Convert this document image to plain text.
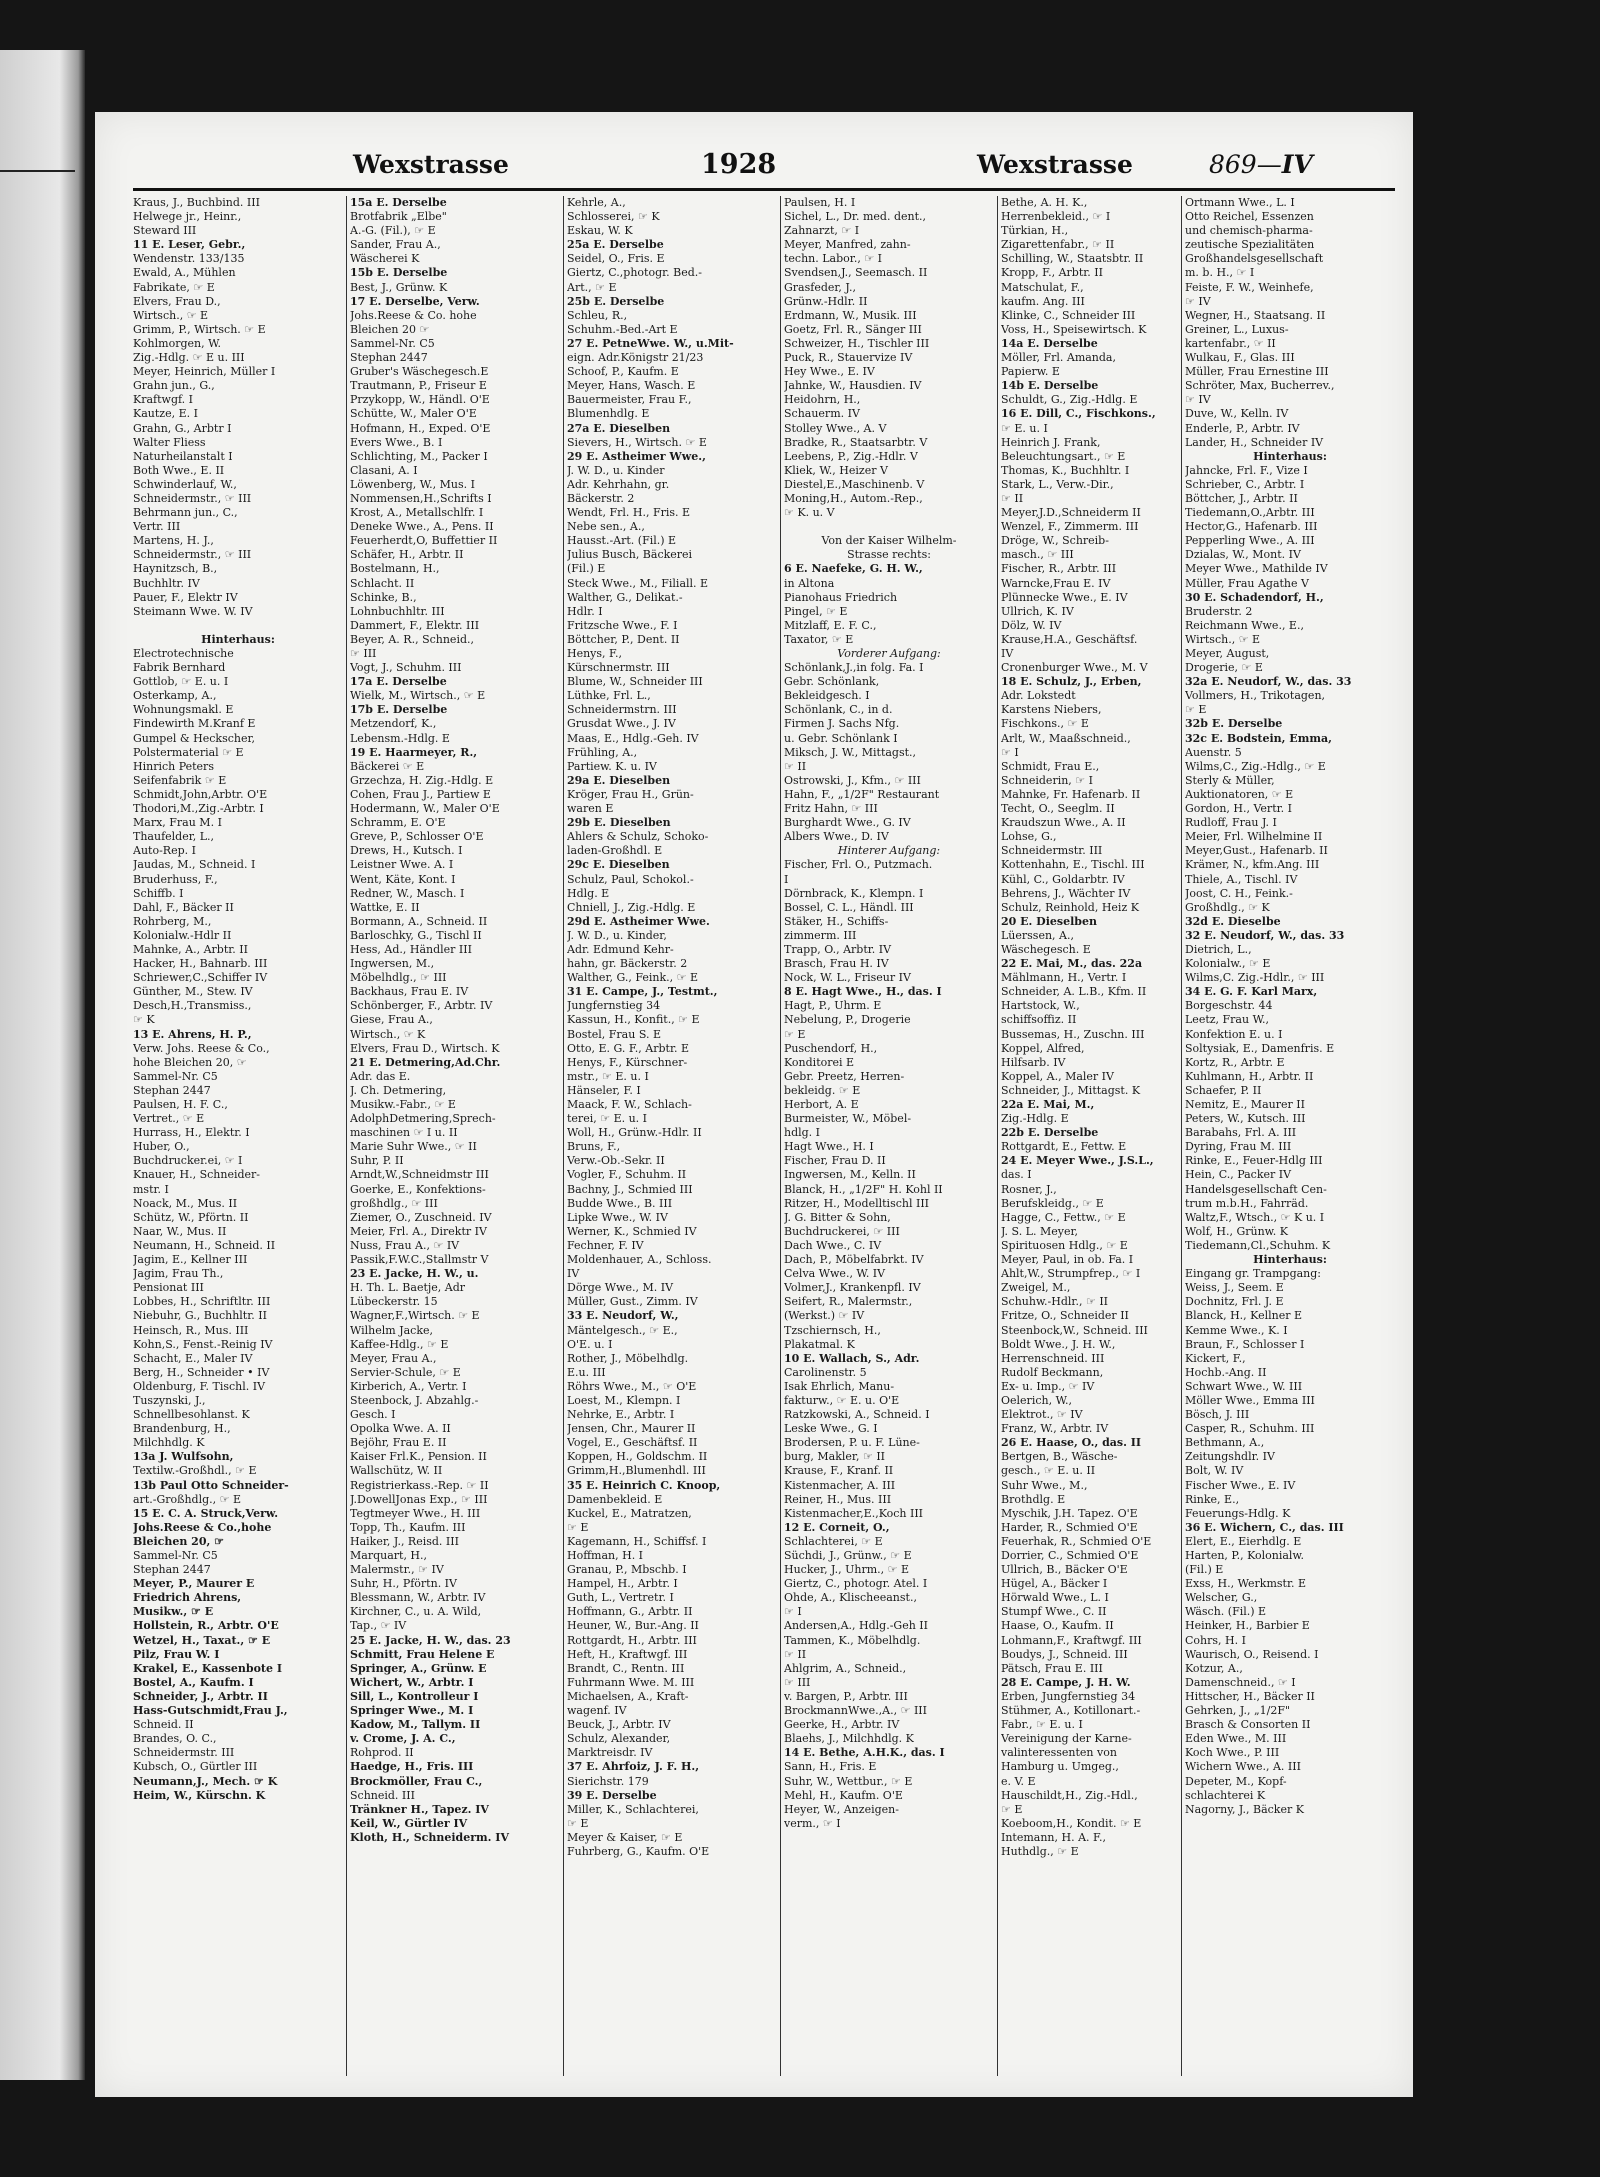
Wexstrasse	1928	Wexstrasse	869—IV
Kraus, J., Buchbind. III
Helwege jr., Heinr.,
Steward III
11 E. Leser, Gebr.,
Wendenstr. 133/135
Ewald, A., Mühlen
Fabrikate, ☞ E
Elvers, Frau D.,
Wirtsch., ☞ E
Grimm, P., Wirtsch. ☞ E
Kohlmorgen, W.
Zig.-Hdlg. ☞ E u. III
Meyer, Heinrich, Müller I
Grahn jun., G.,
Kraftwgf. I
Kautze, E. I
Grahn, G., Arbtr I
Walter Fliess
Naturheilanstalt I
Both Wwe., E. II
Schwinderlauf, W.,
Schneidermstr., ☞ III
Behrmann jun., C.,
Vertr. III
Martens, H. J.,
Schneidermstr., ☞ III
Haynitzsch, B.,
Buchhltr. IV
Pauer, F., Elektr IV
Steimann Wwe. W. IV

Hinterhaus:
Electrotechnische
Fabrik Bernhard
Gottlob, ☞ E. u. I
Osterkamp, A.,
Wohnungsmakl. E
Findewirth M.Kranf E
Gumpel & Heckscher,
Polstermaterial ☞ E
Hinrich Peters
Seifenfabrik ☞ E
Schmidt,John,Arbtr. O'E
Thodori,M.,Zig.-Arbtr. I
Marx, Frau M. I
Thaufelder, L.,
Auto-Rep. I
Jaudas, M., Schneid. I
Bruderhuss, F.,
Schiffb. I
Dahl, F., Bäcker II
Rohrberg, M.,
Kolonialw.-Hdlr II
Mahnke, A., Arbtr. II
Hacker, H., Bahnarb. III
Schriewer,C.,Schiffer IV
Günther, M., Stew. IV
Desch,H.,Transmiss.,
☞ K
13 E. Ahrens, H. P.,
Verw. Johs. Reese & Co.,
hohe Bleichen 20, ☞
Sammel-Nr. C5
Stephan 2447
Paulsen, H. F. C.,
Vertret., ☞ E
Hurrass, H., Elektr. I
Huber, O.,
Buchdrucker.ei, ☞ I
Knauer, H., Schneider-
mstr. I
Noack, M., Mus. II
Schütz, W., Pförtn. II
Naar, W., Mus. II
Neumann, H., Schneid. II
Jagim, E., Kellner III
Jagim, Frau Th.,
Pensionat III
Lobbes, H., Schriftltr. III
Niebuhr, G., Buchhltr. II
Heinsch, R., Mus. III
Kohn,S., Fenst.-Reinig IV
Schacht, E., Maler IV
Berg, H., Schneider • IV
Oldenburg, F. Tischl. IV
Tuszynski, J.,
Schnellbesohlanst. K
Brandenburg, H.,
Milchhdlg. K
13a J. Wulfsohn,
Textilw.-Großhdl., ☞ E
13b Paul Otto Schneider-
art.-Großhdlg., ☞ E
15 E. C. A. Struck,Verw.
Johs.Reese & Co.,hohe
Bleichen 20, ☞
Sammel-Nr. C5
Stephan 2447
Meyer, P., Maurer E
Friedrich Ahrens,
Musikw., ☞ E
Hollstein, R., Arbtr. O'E
Wetzel, H., Taxat., ☞ E
Pilz, Frau W. I
Krakel, E., Kassenbote I
Bostel, A., Kaufm. I
Schneider, J., Arbtr. II
Hass-Gutschmidt,Frau J.,
Schneid. II
Brandes, O. C.,
Schneidermstr. III
Kubsch, O., Gürtler III
Neumann,J., Mech. ☞ K
Heim, W., Kürschn. K
15a E. Derselbe
Brotfabrik „Elbe"
A.-G. (Fil.), ☞ E
Sander, Frau A.,
Wäscherei K
15b E. Derselbe
Best, J., Grünw. K
17 E. Derselbe, Verw.
Johs.Reese & Co. hohe
Bleichen 20 ☞
Sammel-Nr. C5
Stephan 2447
Gruber's Wäschegesch.E
Trautmann, P., Friseur E
Przykopp, W., Händl. O'E
Schütte, W., Maler O'E
Hofmann, H., Exped. O'E
Evers Wwe., B. I
Schlichting, M., Packer I
Clasani, A. I
Löwenberg, W., Mus. I
Nommensen,H.,Schrifts I
Krost, A., Metallschlfr. I
Deneke Wwe., A., Pens. II
Feuerherdt,O, Buffettier II
Schäfer, H., Arbtr. II
Bostelmann, H.,
Schlacht. II
Schinke, B.,
Lohnbuchhltr. III
Dammert, F., Elektr. III
Beyer, A. R., Schneid.,
☞ III
Vogt, J., Schuhm. III
17a E. Derselbe
Wielk, M., Wirtsch., ☞ E
17b E. Derselbe
Metzendorf, K.,
Lebensm.-Hdlg. E
19 E. Haarmeyer, R.,
Bäckerei ☞ E
Grzechza, H. Zig.-Hdlg. E
Cohen, Frau J., Partiew E
Hodermann, W., Maler O'E
Schramm, E. O'E
Greve, P., Schlosser O'E
Drews, H., Kutsch. I
Leistner Wwe. A. I
Went, Käte, Kont. I
Redner, W., Masch. I
Wattke, E. II
Bormann, A., Schneid. II
Barloschky, G., Tischl II
Hess, Ad., Händler III
Ingwersen, M.,
Möbelhdlg., ☞ III
Backhaus, Frau E. IV
Schönberger, F., Arbtr. IV
Giese, Frau A.,
Wirtsch., ☞ K
Elvers, Frau D., Wirtsch. K
21 E. Detmering,Ad.Chr.
Adr. das E.
J. Ch. Detmering,
Musikw.-Fabr., ☞ E
AdolphDetmering,Sprech-
maschinen ☞ I u. II
Marie Suhr Wwe., ☞ II
Suhr, P. II
Arndt,W.,Schneidmstr III
Goerke, E., Konfektions-
großhdlg., ☞ III
Ziemer, O., Zuschneid. IV
Meier, Frl. A., Direktr IV
Nuss, Frau A., ☞ IV
Passik,F.W.C.,Stallmstr V
23 E. Jacke, H. W., u.
H. Th. L. Baetje, Adr
Lübeckerstr. 15
Wagner,F.,Wirtsch. ☞ E
Wilhelm Jacke,
Kaffee-Hdlg., ☞ E
Meyer, Frau A.,
Servier-Schule, ☞ E
Kirberich, A., Vertr. I
Steenbock, J. Abzahlg.-
Gesch. I
Opolka Wwe. A. II
Bejöhr, Frau E. II
Kaiser Frl.K., Pension. II
Wallschütz, W. II
Registrierkass.-Rep. ☞ II
J.DowellJonas Exp., ☞ III
Tegtmeyer Wwe., H. III
Topp, Th., Kaufm. III
Haiker, J., Reisd. III
Marquart, H.,
Malermstr., ☞ IV
Suhr, H., Pförtn. IV
Blessmann, W., Arbtr. IV
Kirchner, C., u. A. Wild,
Tap., ☞ IV
25 E. Jacke, H. W., das. 23
Schmitt, Frau Helene E
Springer, A., Grünw. E
Wichert, W., Arbtr. I
Sill, L., Kontrolleur I
Springer Wwe., M. I
Kadow, M., Tallym. II
v. Crome, J. A. C.,
Rohprod. II
Haedge, H., Fris. III
Brockmöller, Frau C.,
Schneid. III
Tränkner H., Tapez. IV
Keil, W., Gürtler IV
Kloth, H., Schneiderm. IV
Kehrle, A.,
Schlosserei, ☞ K
Eskau, W. K
25a E. Derselbe
Seidel, O., Fris. E
Giertz, C.,photogr. Bed.-
Art., ☞ E
25b E. Derselbe
Schleu, R.,
Schuhm.-Bed.-Art E
27 E. PetneWwe. W., u.Mit-
eign. Adr.Königstr 21/23
Schoof, P., Kaufm. E
Meyer, Hans, Wasch. E
Bauermeister, Frau F.,
Blumenhdlg. E
27a E. Dieselben
Sievers, H., Wirtsch. ☞ E
29 E. Astheimer Wwe.,
J. W. D., u. Kinder
Adr. Kehrhahn, gr.
Bäckerstr. 2
Wendt, Frl. H., Fris. E
Nebe sen., A.,
Hausst.-Art. (Fil.) E
Julius Busch, Bäckerei
(Fil.) E
Steck Wwe., M., Filiall. E
Walther, G., Delikat.-
Hdlr. I
Fritzsche Wwe., F. I
Böttcher, P., Dent. II
Henys, F.,
Kürschnermstr. III
Blume, W., Schneider III
Lüthke, Frl. L.,
Schneidermstrn. III
Grusdat Wwe., J. IV
Maas, E., Hdlg.-Geh. IV
Frühling, A.,
Partiew. K. u. IV
29a E. Dieselben
Kröger, Frau H., Grün-
waren E
29b E. Dieselben
Ahlers & Schulz, Schoko-
laden-Großhdl. E
29c E. Dieselben
Schulz, Paul, Schokol.-
Hdlg. E
Chniell, J., Zig.-Hdlg. E
29d E. Astheimer Wwe.
J. W. D., u. Kinder,
Adr. Edmund Kehr-
hahn, gr. Bäckerstr. 2
Walther, G., Feink., ☞ E
31 E. Campe, J., Testmt.,
Jungfernstieg 34
Kassun, H., Konfit., ☞ E
Bostel, Frau S. E
Otto, E. G. F., Arbtr. E
Henys, F., Kürschner-
mstr., ☞ E. u. I
Hänseler, F. I
Maack, F. W., Schlach-
terei, ☞ E. u. I
Woll, H., Grünw.-Hdlr. II
Bruns, F.,
Verw.-Ob.-Sekr. II
Vogler, F., Schuhm. II
Bachny, J., Schmied III
Budde Wwe., B. III
Lipke Wwe., W. IV
Werner, K., Schmied IV
Fechner, F. IV
Moldenhauer, A., Schloss.
IV
Dörge Wwe., M. IV
Müller, Gust., Zimm. IV
33 E. Neudorf, W.,
Mäntelgesch., ☞ E.,
O'E. u. I
Rother, J., Möbelhdlg.
E.u. III
Röhrs Wwe., M., ☞ O'E
Loest, M., Klempn. I
Nehrke, E., Arbtr. I
Jensen, Chr., Maurer II
Vogel, E., Geschäftsf. II
Koppen, H., Goldschm. II
Grimm,H.,Blumenhdl. III
35 E. Heinrich C. Knoop,
Damenbekleid. E
Kuckel, E., Matratzen,
☞ E
Kagemann, H., Schiffsf. I
Hoffman, H. I
Granau, P., Mbschb. I
Hampel, H., Arbtr. I
Guth, L., Vertretr. I
Hoffmann, G., Arbtr. II
Heuner, W., Bur.-Ang. II
Rottgardt, H., Arbtr. III
Heft, H., Kraftwgf. III
Brandt, C., Rentn. III
Fuhrmann Wwe. M. III
Michaelsen, A., Kraft-
wagenf. IV
Beuck, J., Arbtr. IV
Schulz, Alexander,
Marktreisdr. IV
37 E. Ahrfoiz, J. F. H.,
Sierichstr. 179
39 E. Derselbe
Miller, K., Schlachterei,
☞ E
Meyer & Kaiser, ☞ E
Fuhrberg, G., Kaufm. O'E
Paulsen, H. I
Sichel, L., Dr. med. dent.,
Zahnarzt, ☞ I
Meyer, Manfred, zahn-
techn. Labor., ☞ I
Svendsen,J., Seemasch. II
Grasfeder, J.,
Grünw.-Hdlr. II
Erdmann, W., Musik. III
Goetz, Frl. R., Sänger III
Schweizer, H., Tischler III
Puck, R., Stauervize IV
Hey Wwe., E. IV
Jahnke, W., Hausdien. IV
Heidohrn, H.,
Schauerm. IV
Stolley Wwe., A. V
Bradke, R., Staatsarbtr. V
Leebens, P., Zig.-Hdlr. V
Kliek, W., Heizer V
Diestel,E.,Maschinenb. V
Moning,H., Autom.-Rep.,
☞ K. u. V

Von der Kaiser Wilhelm-
Strasse rechts:
6 E. Naefeke, G. H. W.,
in Altona
Pianohaus Friedrich
Pingel, ☞ E
Mitzlaff, E. F. C.,
Taxator, ☞ E
Vorderer Aufgang:
Schönlank,J.,in folg. Fa. I
Gebr. Schönlank,
Bekleidgesch. I
Schönlank, C., in d.
Firmen J. Sachs Nfg.
u. Gebr. Schönlank I
Miksch, J. W., Mittagst.,
☞ II
Ostrowski, J., Kfm., ☞ III
Hahn, F., „1/2F" Restaurant
Fritz Hahn, ☞ III
Burghardt Wwe., G. IV
Albers Wwe., D. IV
Hinterer Aufgang:
Fischer, Frl. O., Putzmach.
I
Dörnbrack, K., Klempn. I
Bossel, C. L., Händl. III
Stäker, H., Schiffs-
zimmerm. III
Trapp, O., Arbtr. IV
Brasch, Frau H. IV
Nock, W. L., Friseur IV
8 E. Hagt Wwe., H., das. I
Hagt, P., Uhrm. E
Nebelung, P., Drogerie
☞ E
Puschendorf, H.,
Konditorei E
Gebr. Preetz, Herren-
bekleidg. ☞ E
Herbort, A. E
Burmeister, W., Möbel-
hdlg. I
Hagt Wwe., H. I
Fischer, Frau D. II
Ingwersen, M., Kelln. II
Blanck, H., „1/2F" H. Kohl II
Ritzer, H., Modelltischl III
J. G. Bitter & Sohn,
Buchdruckerei, ☞ III
Dach Wwe., C. IV
Dach, P., Möbelfabrkt. IV
Celva Wwe., W. IV
Volmer,J., Krankenpfl. IV
Seifert, R., Malermstr.,
(Werkst.) ☞ IV
Tzschiernsch, H.,
Plakatmal. K
10 E. Wallach, S., Adr.
Carolinenstr. 5
Isak Ehrlich, Manu-
fakturw., ☞ E. u. O'E
Ratzkowski, A., Schneid. I
Leske Wwe., G. I
Brodersen, P. u. F. Lüne-
burg, Makler, ☞ II
Krause, F., Kranf. II
Kistenmacher, A. III
Reiner, H., Mus. III
Kistenmacher,E.,Koch III
12 E. Corneit, O.,
Schlachterei, ☞ E
Süchdi, J., Grünw., ☞ E
Hucker, J., Uhrm., ☞ E
Giertz, C., photogr. Atel. I
Ohde, A., Klischeeanst.,
☞ I
Andersen,A., Hdlg.-Geh II
Tammen, K., Möbelhdlg.
☞ II
Ahlgrim, A., Schneid.,
☞ III
v. Bargen, P., Arbtr. III
BrockmannWwe.,A., ☞ III
Geerke, H., Arbtr. IV
Blaehs, J., Milchhdlg. K
14 E. Bethe, A.H.K., das. I
Sann, H., Fris. E
Suhr, W., Wettbur., ☞ E
Mehl, H., Kaufm. O'E
Heyer, W., Anzeigen-
verm., ☞ I
Bethe, A. H. K.,
Herrenbekleid., ☞ I
Türkian, H.,
Zigarettenfabr., ☞ II
Schilling, W., Staatsbtr. II
Kropp, F., Arbtr. II
Matschulat, F.,
kaufm. Ang. III
Klinke, C., Schneider III
Voss, H., Speisewirtsch. K
14a E. Derselbe
Möller, Frl. Amanda,
Papierw. E
14b E. Derselbe
Schuldt, G., Zig.-Hdlg. E
16 E. Dill, C., Fischkons.,
☞ E. u. I
Heinrich J. Frank,
Beleuchtungsart., ☞ E
Thomas, K., Buchhltr. I
Stark, L., Verw.-Dir.,
☞ II
Meyer,J.D.,Schneiderm II
Wenzel, F., Zimmerm. III
Dröge, W., Schreib-
masch., ☞ III
Fischer, R., Arbtr. III
Warncke,Frau E. IV
Plünnecke Wwe., E. IV
Ullrich, K. IV
Dölz, W. IV
Krause,H.A., Geschäftsf.
IV
Cronenburger Wwe., M. V
18 E. Schulz, J., Erben,
Adr. Lokstedt
Karstens Niebers,
Fischkons., ☞ E
Arlt, W., Maaßschneid.,
☞ I
Schmidt, Frau E.,
Schneiderin, ☞ I
Mahnke, Fr. Hafenarb. II
Techt, O., Seeglm. II
Kraudszun Wwe., A. II
Lohse, G.,
Schneidermstr. III
Kottenhahn, E., Tischl. III
Kühl, C., Goldarbtr. IV
Behrens, J., Wächter IV
Schulz, Reinhold, Heiz K
20 E. Dieselben
Lüerssen, A.,
Wäschegesch. E
22 E. Mai, M., das. 22a
Mählmann, H., Vertr. I
Schneider, A. L.B., Kfm. II
Hartstock, W.,
schiffsoffiz. II
Bussemas, H., Zuschn. III
Koppel, Alfred,
Hilfsarb. IV
Koppel, A., Maler IV
Schneider, J., Mittagst. K
22a E. Mai, M.,
Zig.-Hdlg. E
22b E. Derselbe
Rottgardt, E., Fettw. E
24 E. Meyer Wwe., J.S.L.,
das. I
Rosner, J.,
Berufskleidg., ☞ E
Hagge, C., Fettw., ☞ E
J. S. L. Meyer,
Spirituosen Hdlg., ☞ E
Meyer, Paul, in ob. Fa. I
Ahlt,W., Strumpfrep., ☞ I
Zweigel, M.,
Schuhw.-Hdlr., ☞ II
Fritze, O., Schneider II
Steenbock,W., Schneid. III
Boldt Wwe., J. H. W.,
Herrenschneid. III
Rudolf Beckmann,
Ex- u. Imp., ☞ IV
Oelerich, W.,
Elektrot., ☞ IV
Franz, W., Arbtr. IV
26 E. Haase, O., das. II
Bertgen, B., Wäsche-
gesch., ☞ E. u. II
Suhr Wwe., M.,
Brothdlg. E
Myschik, J.H. Tapez. O'E
Harder, R., Schmied O'E
Feuerhak, R., Schmied O'E
Dorrier, C., Schmied O'E
Ullrich, B., Bäcker O'E
Hügel, A., Bäcker I
Hörwald Wwe., L. I
Stumpf Wwe., C. II
Haase, O., Kaufm. II
Lohmann,F., Kraftwgf. III
Boudys, J., Schneid. III
Pätsch, Frau E. III
28 E. Campe, J. H. W.
Erben, Jungfernstieg 34
Stühmer, A., Kotillonart.-
Fabr., ☞ E. u. I
Vereinigung der Karne-
valinteressenten von
Hamburg u. Umgeg.,
e. V. E
Hauschildt,H., Zig.-Hdl.,
☞ E
Koeboom,H., Kondit. ☞ E
Intemann, H. A. F.,
Huthdlg., ☞ E
Ortmann Wwe., L. I
Otto Reichel, Essenzen
und chemisch-pharma-
zeutische Spezialitäten
Großhandelsgesellschaft
m. b. H., ☞ I
Feiste, F. W., Weinhefe,
☞ IV
Wegner, H., Staatsang. II
Greiner, L., Luxus-
kartenfabr., ☞ II
Wulkau, F., Glas. III
Müller, Frau Ernestine III
Schröter, Max, Bucherrev.,
☞ IV
Duve, W., Kelln. IV
Enderle, P., Arbtr. IV
Lander, H., Schneider IV
Hinterhaus:
Jahncke, Frl. F., Vize I
Schrieber, C., Arbtr. I
Böttcher, J., Arbtr. II
Tiedemann,O.,Arbtr. III
Hector,G., Hafenarb. III
Pepperling Wwe., A. III
Dzialas, W., Mont. IV
Meyer Wwe., Mathilde IV
Müller, Frau Agathe V
30 E. Schadendorf, H.,
Bruderstr. 2
Reichmann Wwe., E.,
Wirtsch., ☞ E
Meyer, August,
Drogerie, ☞ E
32a E. Neudorf, W., das. 33
Vollmers, H., Trikotagen,
☞ E
32b E. Derselbe
32c E. Bodstein, Emma,
Auenstr. 5
Wilms,C., Zig.-Hdlg., ☞ E
Sterly & Müller,
Auktionatoren, ☞ E
Gordon, H., Vertr. I
Rudloff, Frau J. I
Meier, Frl. Wilhelmine II
Meyer,Gust., Hafenarb. II
Krämer, N., kfm.Ang. III
Thiele, A., Tischl. IV
Joost, C. H., Feink.-
Großhdlg., ☞ K
32d E. Dieselbe
32 E. Neudorf, W., das. 33
Dietrich, L.,
Kolonialw., ☞ E
Wilms,C. Zig.-Hdlr., ☞ III
34 E. G. F. Karl Marx,
Borgeschstr. 44
Leetz, Frau W.,
Konfektion E. u. I
Soltysiak, E., Damenfris. E
Kortz, R., Arbtr. E
Kuhlmann, H., Arbtr. II
Schaefer, P. II
Nemitz, E., Maurer II
Peters, W., Kutsch. III
Barabahs, Frl. A. III
Dyring, Frau M. III
Rinke, E., Feuer-Hdlg III
Hein, C., Packer IV
Handelsgesellschaft Cen-
trum m.b.H., Fahrräd.
Waltz,F., Wtsch., ☞ K u. I
Wolf, H., Grünw. K
Tiedemann,Cl.,Schuhm. K
Hinterhaus:
Eingang gr. Trampgang:
Weiss, J., Seem. E
Dochnitz, Frl. J. E
Blanck, H., Kellner E
Kemme Wwe., K. I
Braun, F., Schlosser I
Kickert, F.,
Hochb.-Ang. II
Schwart Wwe., W. III
Möller Wwe., Emma III
Bösch, J. III
Casper, R., Schuhm. III
Bethmann, A.,
Zeitungshdlr. IV
Bolt, W. IV
Fischer Wwe., E. IV
Rinke, E.,
Feuerungs-Hdlg. K
36 E. Wichern, C., das. III
Elert, E., Eierhdlg. E
Harten, P., Kolonialw.
(Fil.) E
Exss, H., Werkmstr. E
Welscher, G.,
Wäsch. (Fil.) E
Heinker, H., Barbier E
Cohrs, H. I
Waurisch, O., Reisend. I
Kotzur, A.,
Damenschneid., ☞ I
Hittscher, H., Bäcker II
Gehrken, J., „1/2F"
Brasch & Consorten II
Eden Wwe., M. III
Koch Wwe., P. III
Wichern Wwe., A. III
Depeter, M., Kopf-
schlachterei K
Nagorny, J., Bäcker K
